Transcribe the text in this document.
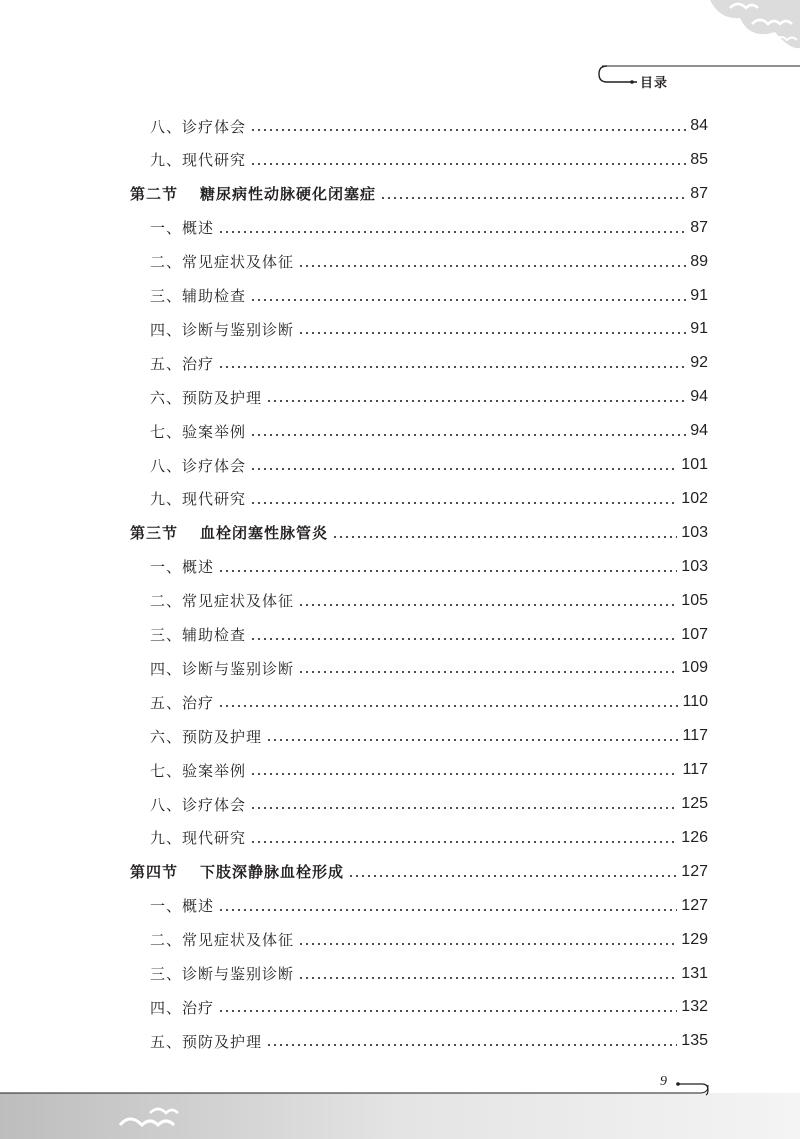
目录
八、诊疗体会	84
九、现代研究	85
第二节 糖尿病性动脉硬化闭塞症	87
一、概述	87
二、常见症状及体征	89
三、辅助检查	91
四、诊断与鉴别诊断	91
五、治疗	92
六、预防及护理	94
七、验案举例	94
八、诊疗体会	101
九、现代研究	102
第三节 血栓闭塞性脉管炎	103
一、概述	103
二、常见症状及体征	105
三、辅助检查	107
四、诊断与鉴别诊断	109
五、治疗	110
六、预防及护理	117
七、验案举例	117
八、诊疗体会	125
九、现代研究	126
第四节 下肢深静脉血栓形成	127
一、概述	127
二、常见症状及体征	129
三、诊断与鉴别诊断	131
四、治疗	132
五、预防及护理	135
9
